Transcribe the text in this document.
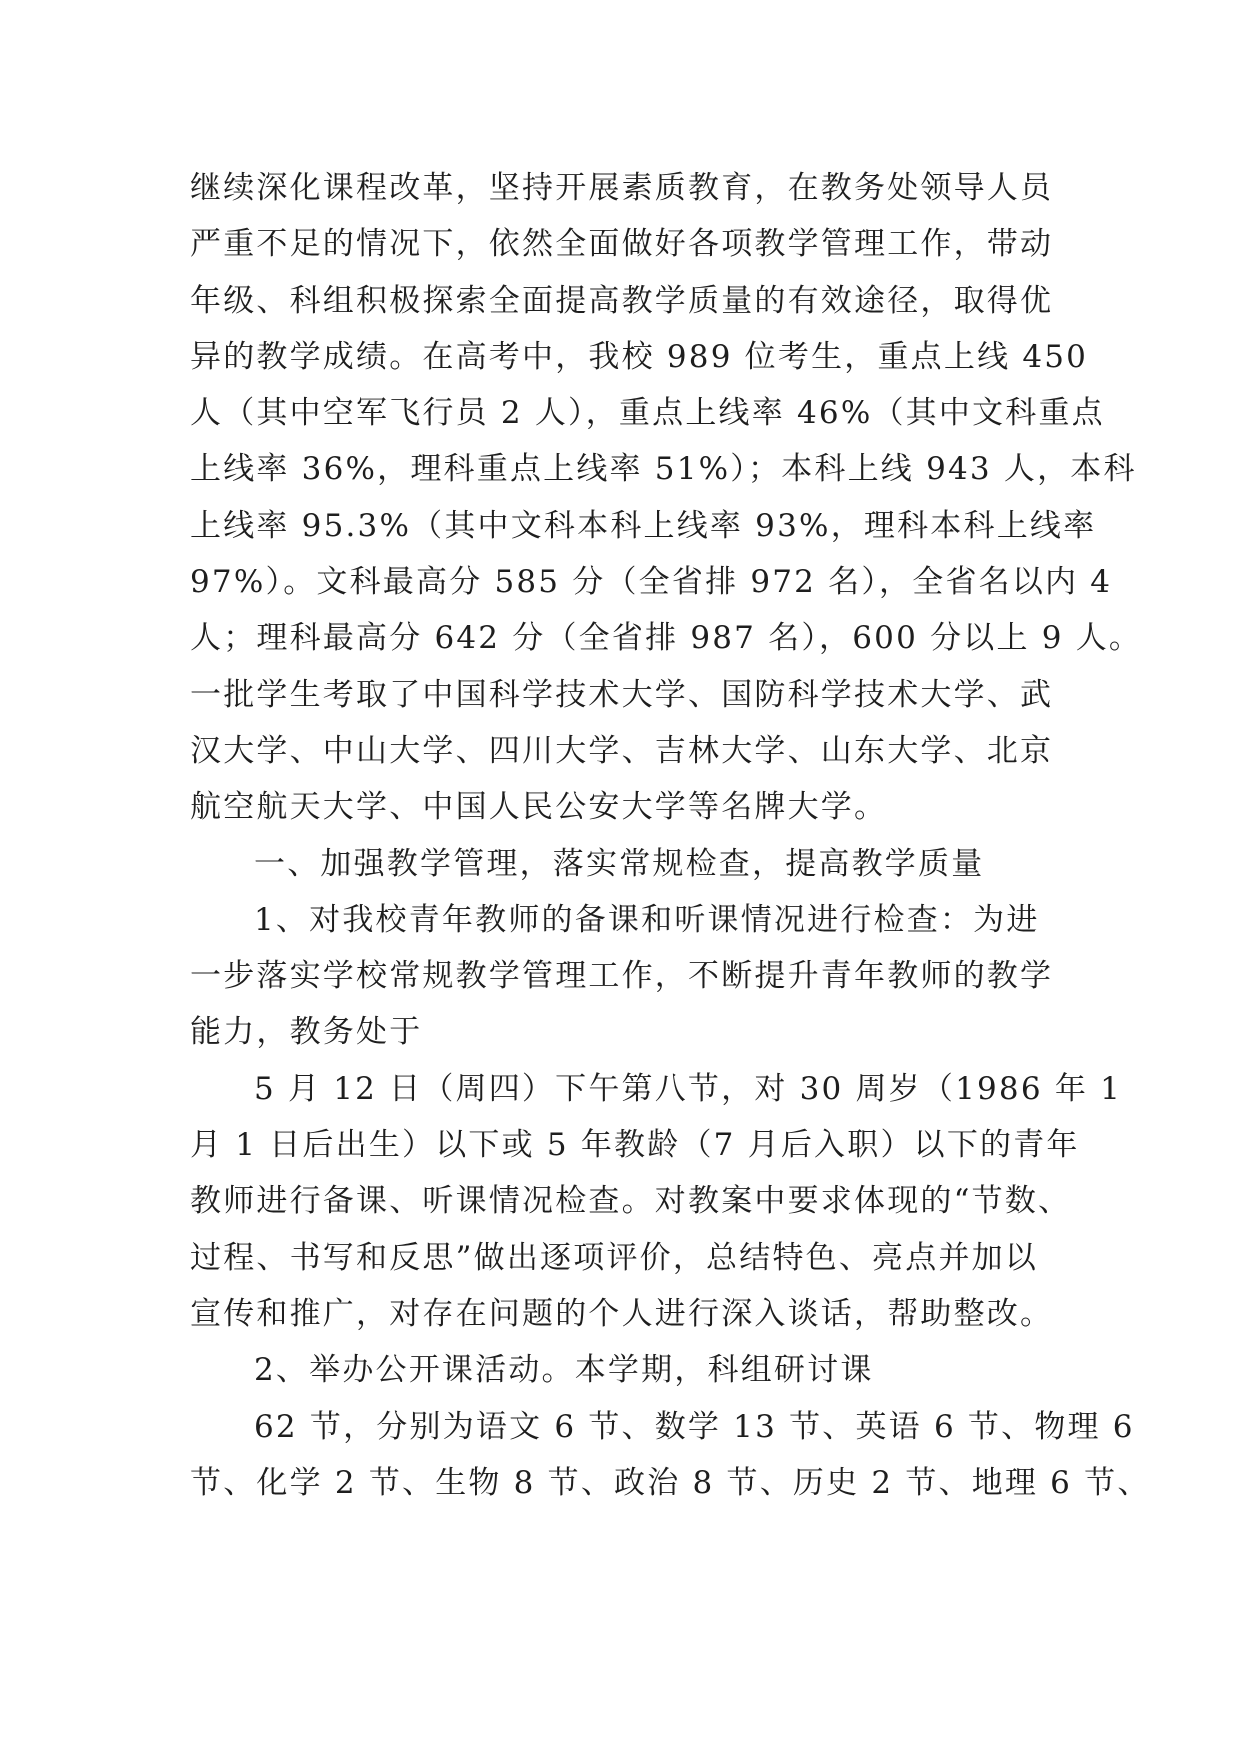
继续深化课程改革，坚持开展素质教育，在教务处领导人员
严重不足的情况下，依然全面做好各项教学管理工作，带动
年级、科组积极探索全面提高教学质量的有效途径，取得优
异的教学成绩。在高考中，我校 989 位考生，重点上线 450
人（其中空军飞行员 2 人），重点上线率 46%（其中文科重点
上线率 36%，理科重点上线率 51%）；本科上线 943 人，本科
上线率 95.3%（其中文科本科上线率 93%，理科本科上线率
97%）。文科最高分 585 分（全省排 972 名），全省名以内 4
人；理科最高分 642 分（全省排 987 名），600 分以上 9 人。
一批学生考取了中国科学技术大学、国防科学技术大学、武
汉大学、中山大学、四川大学、吉林大学、山东大学、北京
航空航天大学、中国人民公安大学等名牌大学。
一、加强教学管理，落实常规检查，提高教学质量
1、对我校青年教师的备课和听课情况进行检查：为进
一步落实学校常规教学管理工作，不断提升青年教师的教学
能力，教务处于
5 月 12 日（周四）下午第八节，对 30 周岁（1986 年 1
月 1 日后出生）以下或 5 年教龄（7 月后入职）以下的青年
教师进行备课、听课情况检查。对教案中要求体现的“节数、
过程、书写和反思”做出逐项评价，总结特色、亮点并加以
宣传和推广，对存在问题的个人进行深入谈话，帮助整改。
2、举办公开课活动。本学期，科组研讨课
62 节，分别为语文 6 节、数学 13 节、英语 6 节、物理 6
节、化学 2 节、生物 8 节、政治 8 节、历史 2 节、地理 6 节、
